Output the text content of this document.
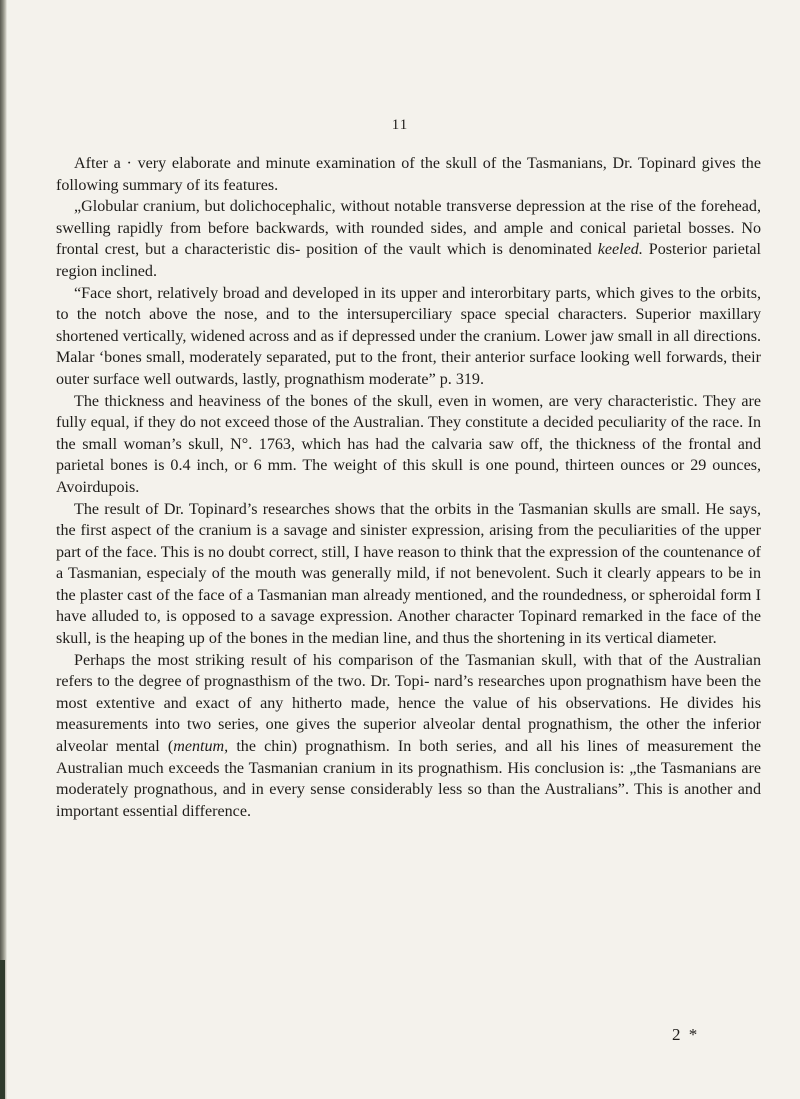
11

After a · very elaborate and minute examination of the skull of the Tasmanians, Dr. Topinard gives the following summary of its features.

„Globular cranium, but dolichocephalic, without notable transverse depression at the rise of the forehead, swelling rapidly from before backwards, with rounded sides, and ample and conical parietal bosses. No frontal crest, but a characteristic dis- position of the vault which is denominated keeled. Posterior parietal region inclined.

“Face short, relatively broad and developed in its upper and interorbitary parts, which gives to the orbits, to the notch above the nose, and to the intersuperciliary space special characters. Superior maxillary shortened vertically, widened across and as if depressed under the cranium. Lower jaw small in all directions. Malar ‘bones small, moderately separated, put to the front, their anterior surface looking well forwards, their outer surface well outwards, lastly, prognathism moderate” p. 319.

The thickness and heaviness of the bones of the skull, even in women, are very characteristic. They are fully equal, if they do not exceed those of the Australian. They constitute a decided peculiarity of the race. In the small woman’s skull, N°. 1763, which has had the calvaria saw off, the thickness of the frontal and parietal bones is 0.4 inch, or 6 mm. The weight of this skull is one pound, thirteen ounces or 29 ounces, Avoirdupois.

The result of Dr. Topinard’s researches shows that the orbits in the Tasmanian skulls are small. He says, the first aspect of the cranium is a savage and sinister expression, arising from the peculiarities of the upper part of the face. This is no doubt correct, still, I have reason to think that the expression of the countenance of a Tasmanian, especialy of the mouth was generally mild, if not benevolent. Such it clearly appears to be in the plaster cast of the face of a Tasmanian man already mentioned, and the roundedness, or spheroidal form I have alluded to, is opposed to a savage expression. Another character Topinard remarked in the face of the skull, is the heaping up of the bones in the median line, and thus the shortening in its vertical diameter.

Perhaps the most striking result of his comparison of the Tasmanian skull, with that of the Australian refers to the degree of prognasthism of the two. Dr. Topi- nard’s researches upon prognathism have been the most extentive and exact of any hitherto made, hence the value of his observations. He divides his measurements into two series, one gives the superior alveolar dental prognathism, the other the inferior alveolar mental (mentum, the chin) prognathism. In both series, and all his lines of measurement the Australian much exceeds the Tasmanian cranium in its prognathism. His conclusion is: „the Tasmanians are moderately prognathous, and in every sense considerably less so than the Australians”. This is another and important essential difference.

2 *
